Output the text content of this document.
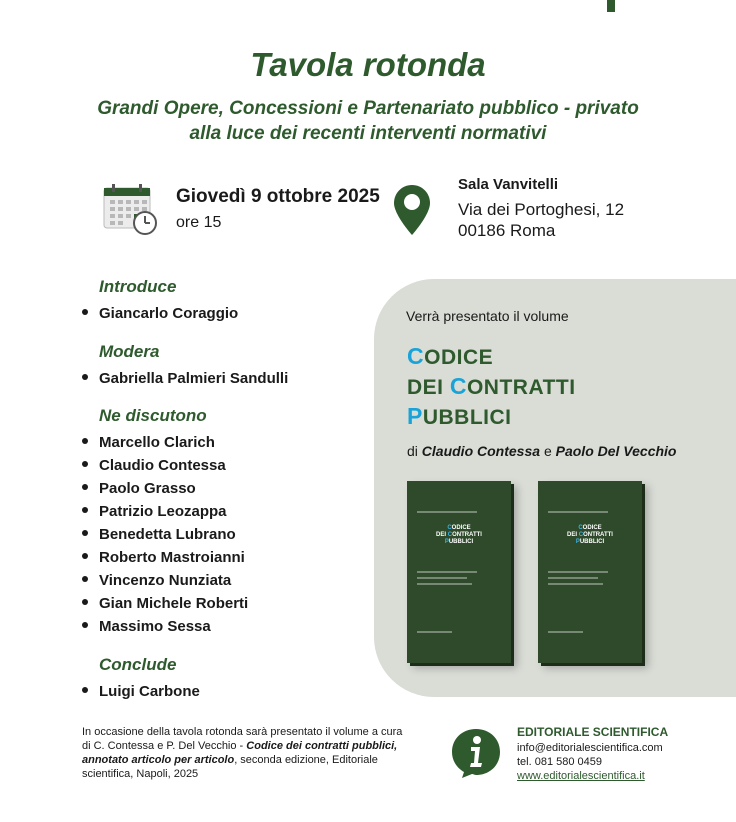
Tavola rotonda
Grandi Opere, Concessioni e Partenariato pubblico - privato
alla luce dei recenti interventi normativi
Giovedì 9 ottobre 2025
ore 15
Sala Vanvitelli
Via dei Portoghesi, 12
00186 Roma
Introduce
Giancarlo Coraggio
Modera
Gabriella Palmieri Sandulli
Ne discutono
Marcello Clarich
Claudio Contessa
Paolo Grasso
Patrizio Leozappa
Benedetta Lubrano
Roberto Mastroianni
Vincenzo Nunziata
Gian Michele Roberti
Massimo Sessa
Conclude
Luigi Carbone
Verrà presentato il volume
CODICE
DEI CONTRATTI
PUBBLICI
di Claudio Contessa e Paolo Del Vecchio
CODICE
DEI CONTRATTI
PUBBLICI
CODICE
DEI CONTRATTI
PUBBLICI
In occasione della tavola rotonda sarà presentato il volume a cura di C. Contessa e P. Del Vecchio - Codice dei contratti pubblici, annotato articolo per articolo, seconda edizione, Editoriale scientifica, Napoli, 2025
EDITORIALE SCIENTIFICA
info@editorialescientifica.com
tel. 081 580 0459
www.editorialescientifica.it
